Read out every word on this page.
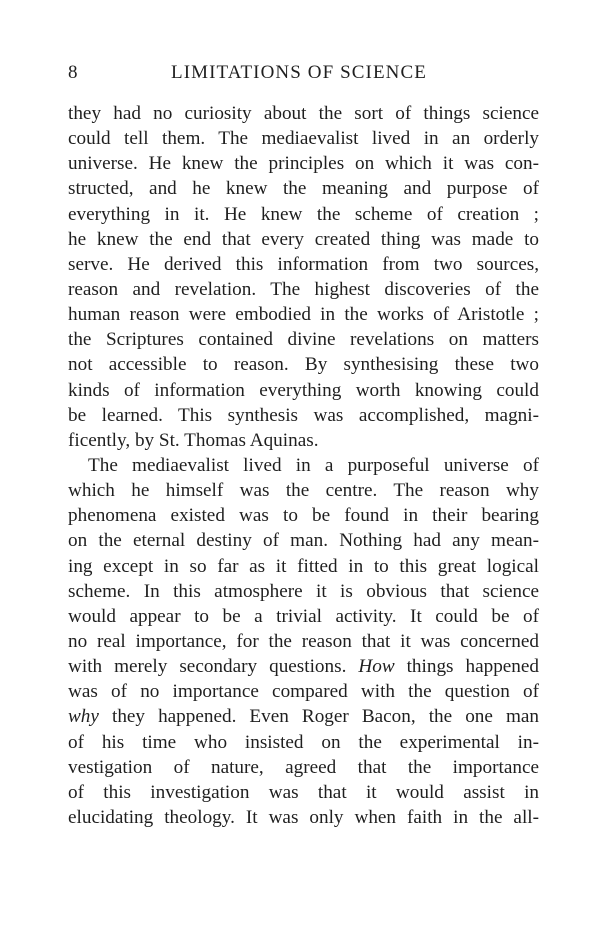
8	LIMITATIONS OF SCIENCE
they had no curiosity about the sort of things science
could tell them. The mediaevalist lived in an orderly
universe. He knew the principles on which it was con-
structed, and he knew the meaning and purpose of
everything in it. He knew the scheme of creation ;
he knew the end that every created thing was made to
serve. He derived this information from two sources,
reason and revelation. The highest discoveries of the
human reason were embodied in the works of Aristotle ;
the Scriptures contained divine revelations on matters
not accessible to reason. By synthesising these two
kinds of information everything worth knowing could
be learned. This synthesis was accomplished, magni-
ficently, by St. Thomas Aquinas.
The mediaevalist lived in a purposeful universe of
which he himself was the centre. The reason why
phenomena existed was to be found in their bearing
on the eternal destiny of man. Nothing had any mean-
ing except in so far as it fitted in to this great logical
scheme. In this atmosphere it is obvious that science
would appear to be a trivial activity. It could be of
no real importance, for the reason that it was concerned
with merely secondary questions. How things happened
was of no importance compared with the question of
why they happened. Even Roger Bacon, the one man
of his time who insisted on the experimental in-
vestigation of nature, agreed that the importance
of this investigation was that it would assist in
elucidating theology. It was only when faith in the all-
